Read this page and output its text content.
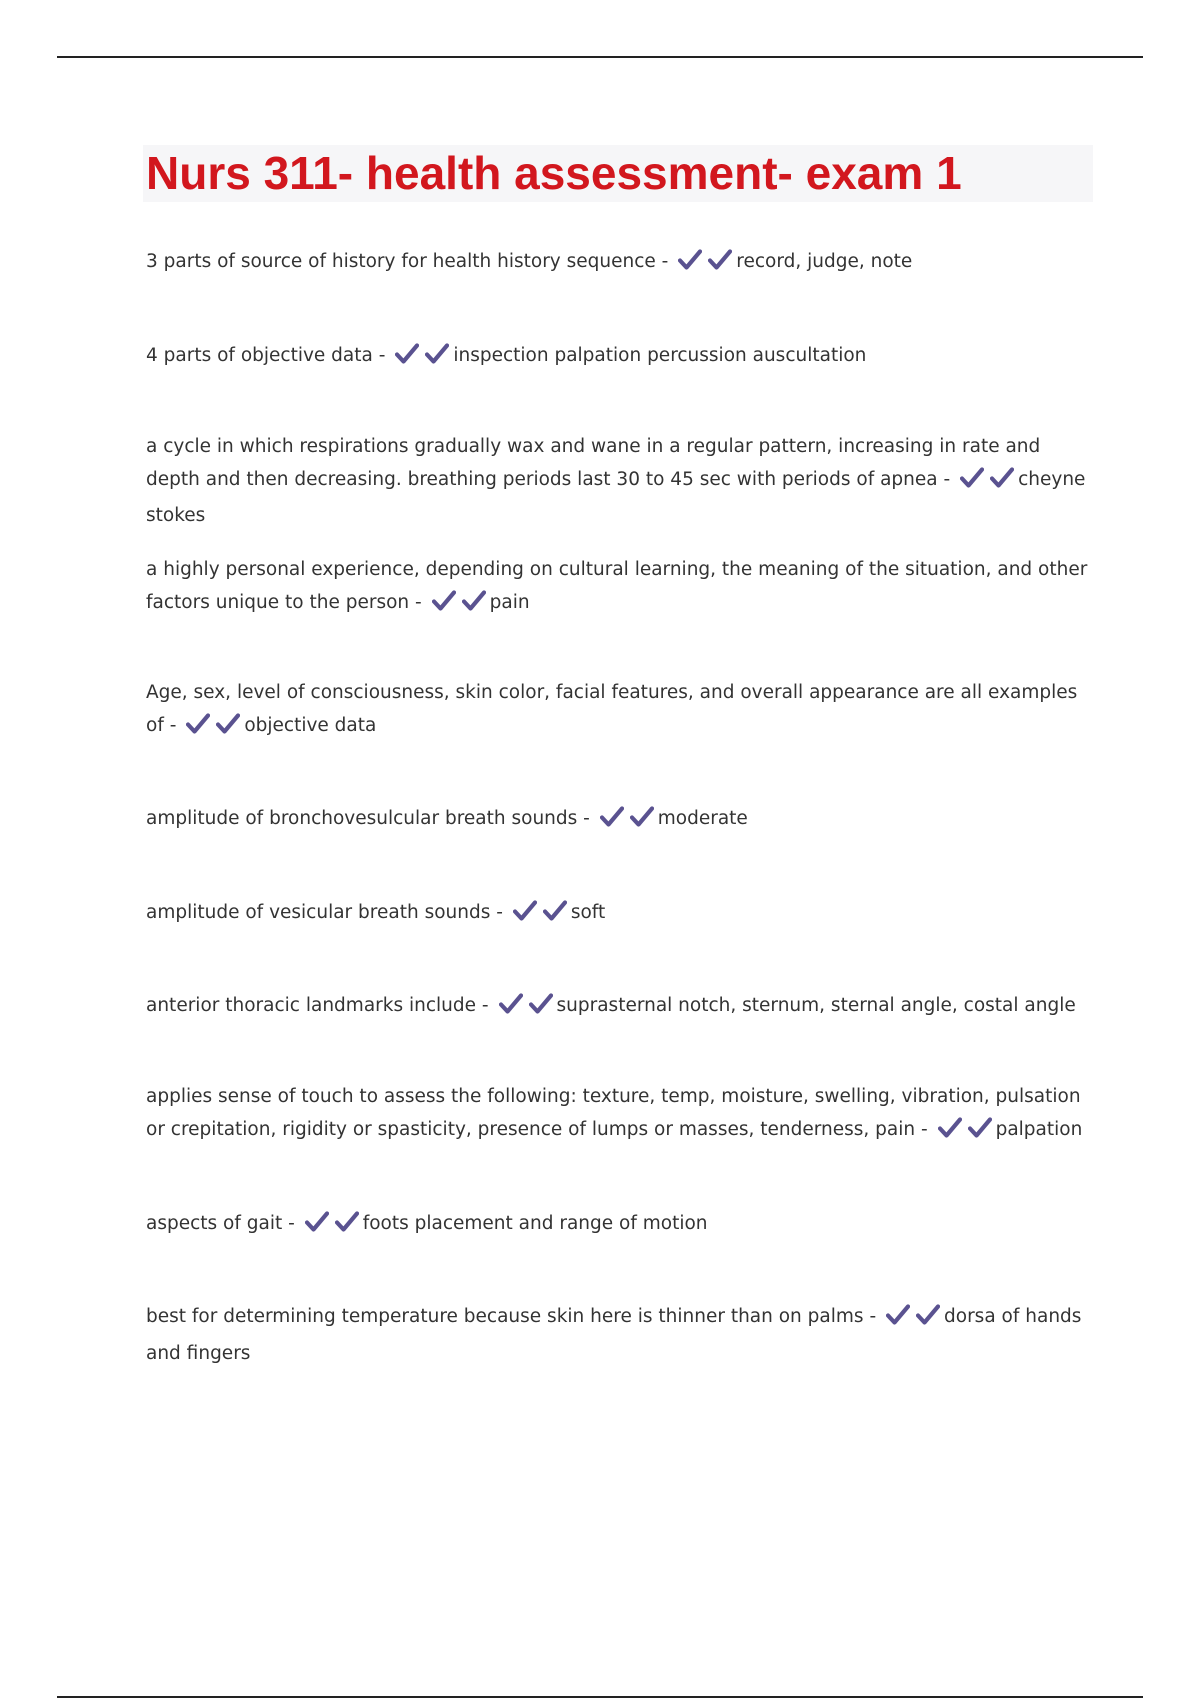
Nurs 311- health assessment- exam 1

3 parts of source of history for health history sequence -	record, judge, note

4 parts of objective data -	inspection palpation percussion auscultation

a cycle in which respirations gradually wax and wane in a regular pattern, increasing in rate and depth and then decreasing. breathing periods last 30 to 45 sec with periods of apnea -	cheyne stokes

a highly personal experience, depending on cultural learning, the meaning of the situation, and other factors unique to the person -	pain

Age, sex, level of consciousness, skin color, facial features, and overall appearance are all examples of -	objective data

amplitude of bronchovesulcular breath sounds -	moderate

amplitude of vesicular breath sounds -	soft

anterior thoracic landmarks include -	suprasternal notch, sternum, sternal angle, costal angle

applies sense of touch to assess the following: texture, temp, moisture, swelling, vibration, pulsation or crepitation, rigidity or spasticity, presence of lumps or masses, tenderness, pain -	palpation

aspects of gait -	foots placement and range of motion

best for determining temperature because skin here is thinner than on palms -	dorsa of hands and fingers
